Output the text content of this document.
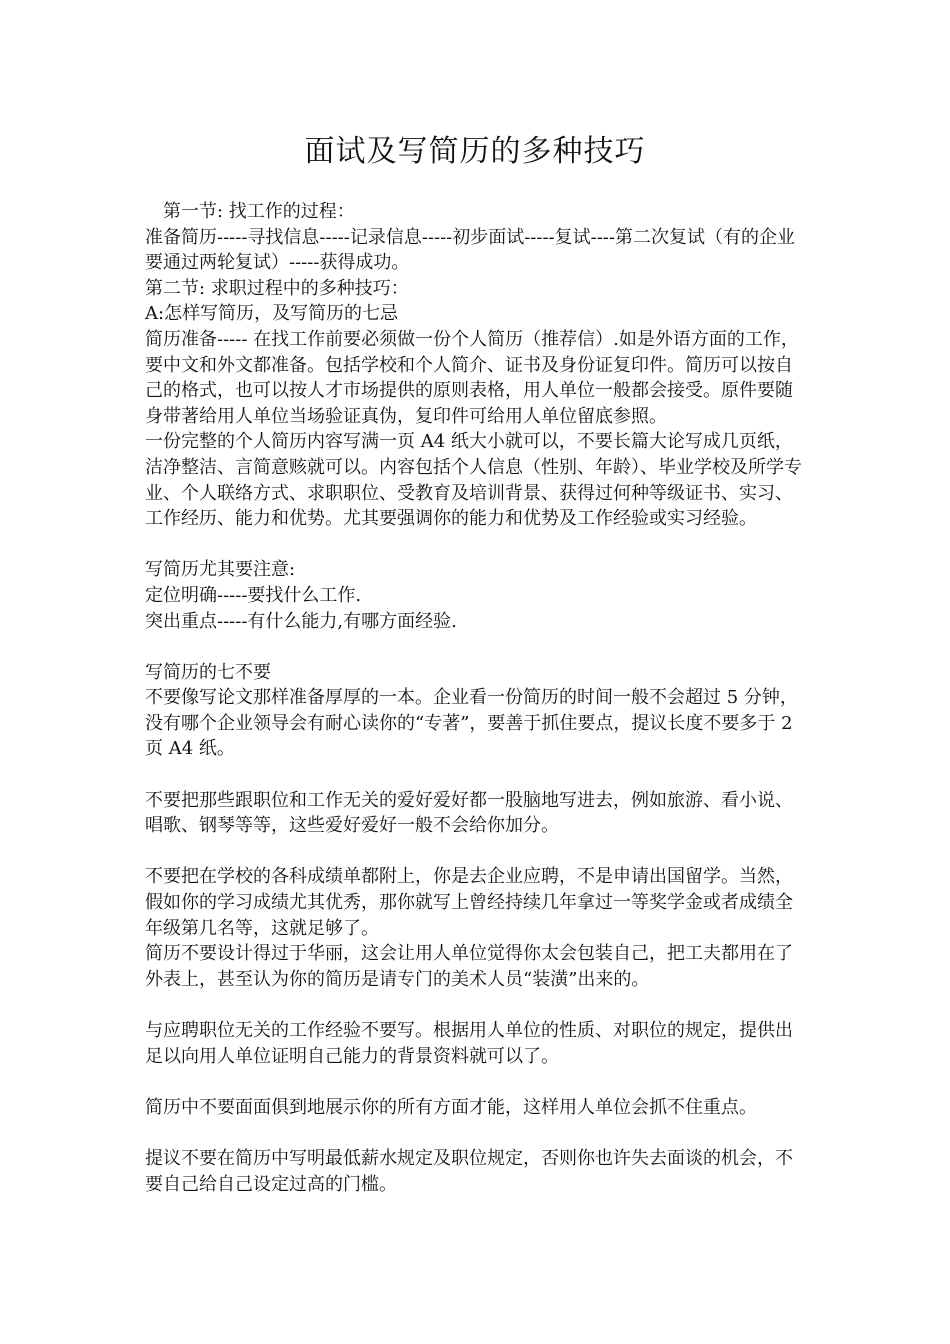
面试及写简历的多种技巧

第一节: 找工作的过程：

准备简历-----寻找信息-----记录信息-----初步面试-----复试----第二次复试（有的企业要通过两轮复试）-----获得成功。

第二节: 求职过程中的多种技巧：

A:怎样写简历，及写简历的七忌

简历准备----- 在找工作前要必须做一份个人简历（推荐信）.如是外语方面的工作，要中文和外文都准备。包括学校和个人简介、证书及身份证复印件。简历可以按自己的格式，也可以按人才市场提供的原则表格，用人单位一般都会接受。原件要随身带著给用人单位当场验证真伪，复印件可给用人单位留底参照。

一份完整的个人简历内容写满一页 A4 纸大小就可以，不要长篇大论写成几页纸，洁净整洁、言简意赅就可以。内容包括个人信息（性别、年龄）、毕业学校及所学专业、个人联络方式、求职职位、受教育及培训背景、获得过何种等级证书、实习、工作经历、能力和优势。尤其要强调你的能力和优势及工作经验或实习经验。

写简历尤其要注意:

定位明确-----要找什么工作.

突出重点-----有什么能力,有哪方面经验.

写简历的七不要

不要像写论文那样准备厚厚的一本。企业看一份简历的时间一般不会超过 5 分钟，没有哪个企业领导会有耐心读你的“专著”，要善于抓住要点，提议长度不要多于 2 页 A4 纸。

不要把那些跟职位和工作无关的爱好爱好都一股脑地写进去，例如旅游、看小说、唱歌、钢琴等等，这些爱好爱好一般不会给你加分。

不要把在学校的各科成绩单都附上，你是去企业应聘，不是申请出国留学。当然，假如你的学习成绩尤其优秀，那你就写上曾经持续几年拿过一等奖学金或者成绩全年级第几名等，这就足够了。

简历不要设计得过于华丽，这会让用人单位觉得你太会包装自己，把工夫都用在了外表上，甚至认为你的简历是请专门的美术人员“装潢”出来的。

与应聘职位无关的工作经验不要写。根据用人单位的性质、对职位的规定，提供出足以向用人单位证明自己能力的背景资料就可以了。

简历中不要面面俱到地展示你的所有方面才能，这样用人单位会抓不住重点。

提议不要在简历中写明最低薪水规定及职位规定，否则你也许失去面谈的机会，不要自己给自己设定过高的门槛。
